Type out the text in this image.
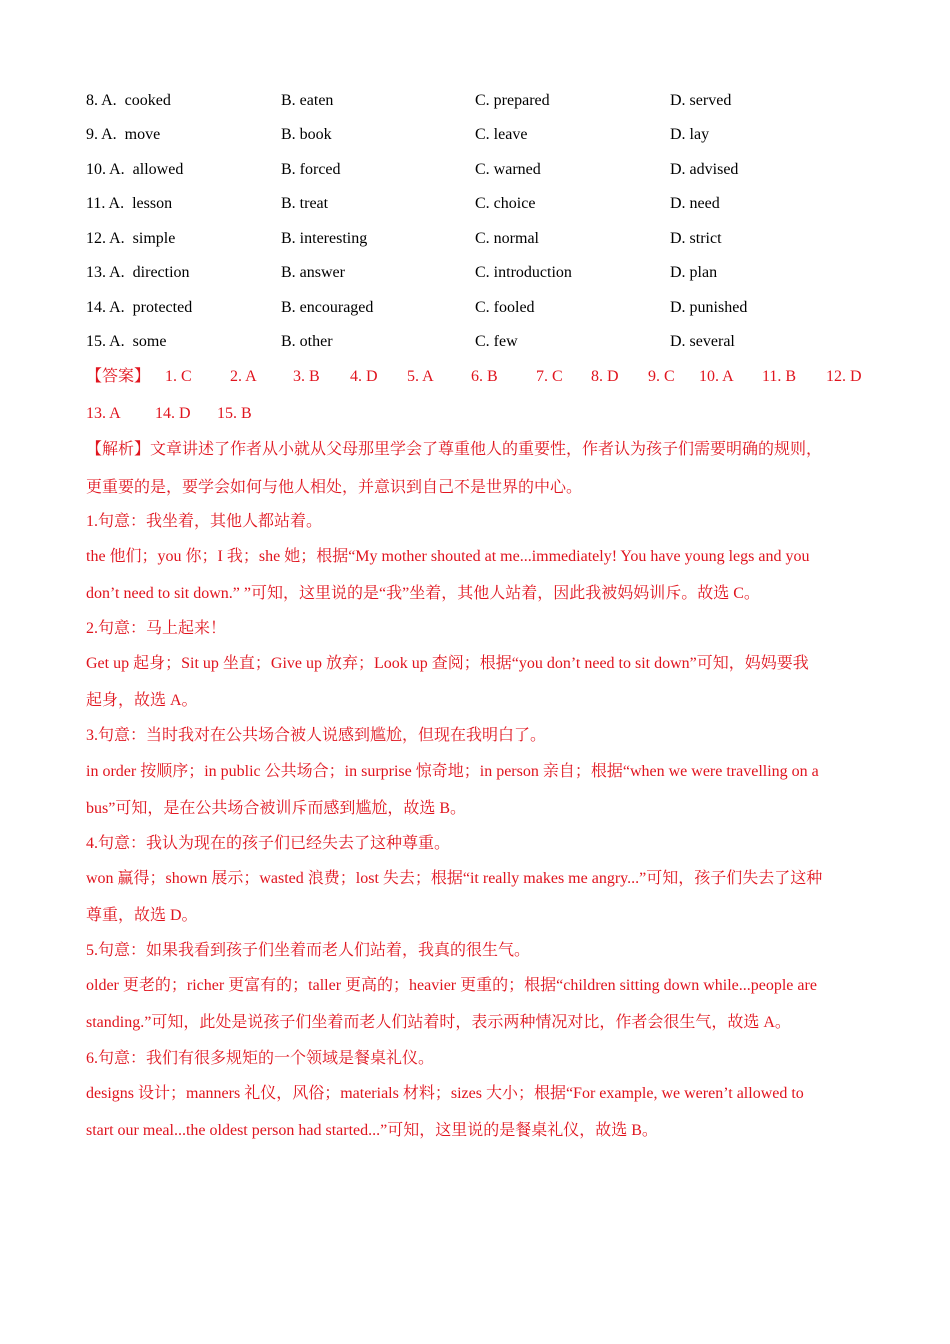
8. A. cooked	B. eaten	C. prepared	D. served
9. A. move	B. book	C. leave	D. lay
10. A. allowed	B. forced	C. warned	D. advised
11. A. lesson	B. treat	C. choice	D. need
12. A. simple	B. interesting	C. normal	D. strict
13. A. direction	B. answer	C. introduction	D. plan
14. A. protected	B. encouraged	C. fooled	D. punished
15. A. some	B. other	C. few	D. several
【答案】 1. C 2. A 3. B 4. D 5. A 6. B 7. C 8. D 9. C 10. A 11. B 12. D
13. A 14. D 15. B
【解析】文章讲述了作者从小就从父母那里学会了尊重他人的重要性，作者认为孩子们需要明确的规则，
更重要的是，要学会如何与他人相处，并意识到自己不是世界的中心。
1.句意：我坐着，其他人都站着。
the 他们；you 你；I 我；she 她；根据“My mother shouted at me...immediately! You have young legs and you
don’t need to sit down.” ”可知，这里说的是“我”坐着，其他人站着，因此我被妈妈训斥。故选 C。
2.句意：马上起来！
Get up 起身；Sit up 坐直；Give up 放弃；Look up 查阅；根据“you don’t need to sit down”可知，妈妈要我
起身，故选 A。
3.句意：当时我对在公共场合被人说感到尴尬，但现在我明白了。
in order 按顺序；in public 公共场合；in surprise 惊奇地；in person 亲自；根据“when we were travelling on a
bus”可知，是在公共场合被训斥而感到尴尬，故选 B。
4.句意：我认为现在的孩子们已经失去了这种尊重。
won 赢得；shown 展示；wasted 浪费；lost 失去；根据“it really makes me angry...”可知，孩子们失去了这种
尊重，故选 D。
5.句意：如果我看到孩子们坐着而老人们站着，我真的很生气。
older 更老的；richer 更富有的；taller 更高的；heavier 更重的；根据“children sitting down while...people are
standing.”可知，此处是说孩子们坐着而老人们站着时，表示两种情况对比，作者会很生气，故选 A。
6.句意：我们有很多规矩的一个领域是餐桌礼仪。
designs 设计；manners 礼仪，风俗；materials 材料；sizes 大小；根据“For example, we weren’t allowed to
start our meal...the oldest person had started...”可知，这里说的是餐桌礼仪，故选 B。
